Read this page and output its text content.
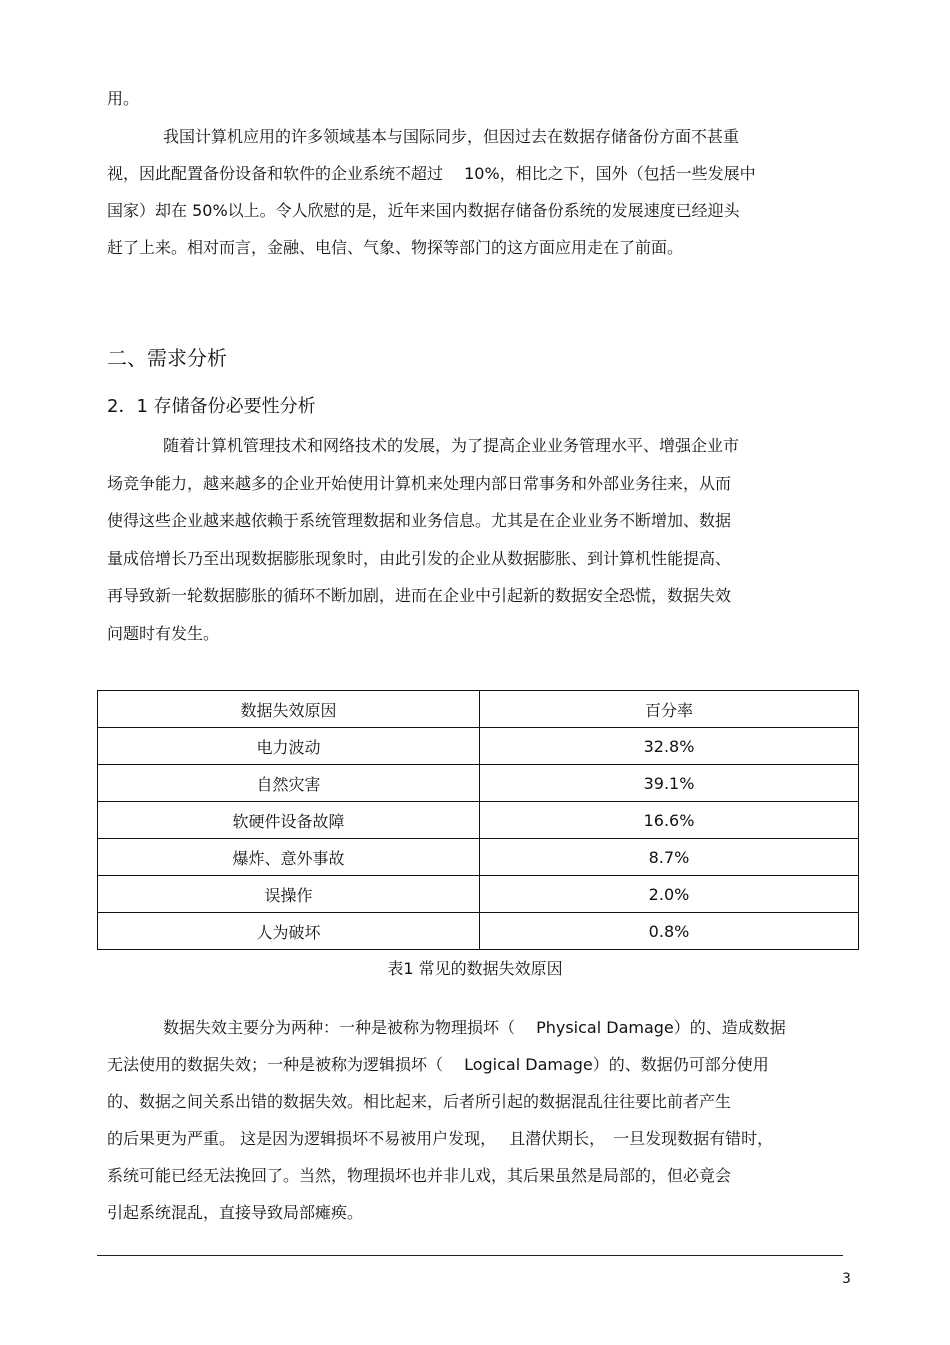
用。
我国计算机应用的许多领域基本与国际同步，但因过去在数据存储备份方面不甚重
视，因此配置备份设备和软件的企业系统不超过　 10%，相比之下，国外（包括一些发展中
国家）却在 50%以上。令人欣慰的是，近年来国内数据存储备份系统的发展速度已经迎头
赶了上来。相对而言，金融、电信、气象、物探等部门的这方面应用走在了前面。
二、需求分析
2．1 存储备份必要性分析
随着计算机管理技术和网络技术的发展，为了提高企业业务管理水平、增强企业市
场竞争能力，越来越多的企业开始使用计算机来处理内部日常事务和外部业务往来，从而
使得这些企业越来越依赖于系统管理数据和业务信息。尤其是在企业业务不断增加、数据
量成倍增长乃至出现数据膨胀现象时，由此引发的企业从数据膨胀、到计算机性能提高、
再导致新一轮数据膨胀的循环不断加剧，进而在企业中引起新的数据安全恐慌，数据失效
问题时有发生。
数据失效原因	百分率
电力波动	32.8%
自然灾害	39.1%
软硬件设备故障	16.6%
爆炸、意外事故	8.7%
误操作	2.0%
人为破坏	0.8%
表1 常见的数据失效原因
数据失效主要分为两种：一种是被称为物理损坏（　 Physical Damage）的、造成数据
无法使用的数据失效；一种是被称为逻辑损坏（　 Logical Damage）的、数据仍可部分使用
的、数据之间关系出错的数据失效。相比起来，后者所引起的数据混乱往往要比前者产生
的后果更为严重。 这是因为逻辑损坏不易被用户发现，　 且潜伏期长，　一旦发现数据有错时，
系统可能已经无法挽回了。当然，物理损坏也并非儿戏，其后果虽然是局部的，但必竟会
引起系统混乱，直接导致局部瘫痪。
3
